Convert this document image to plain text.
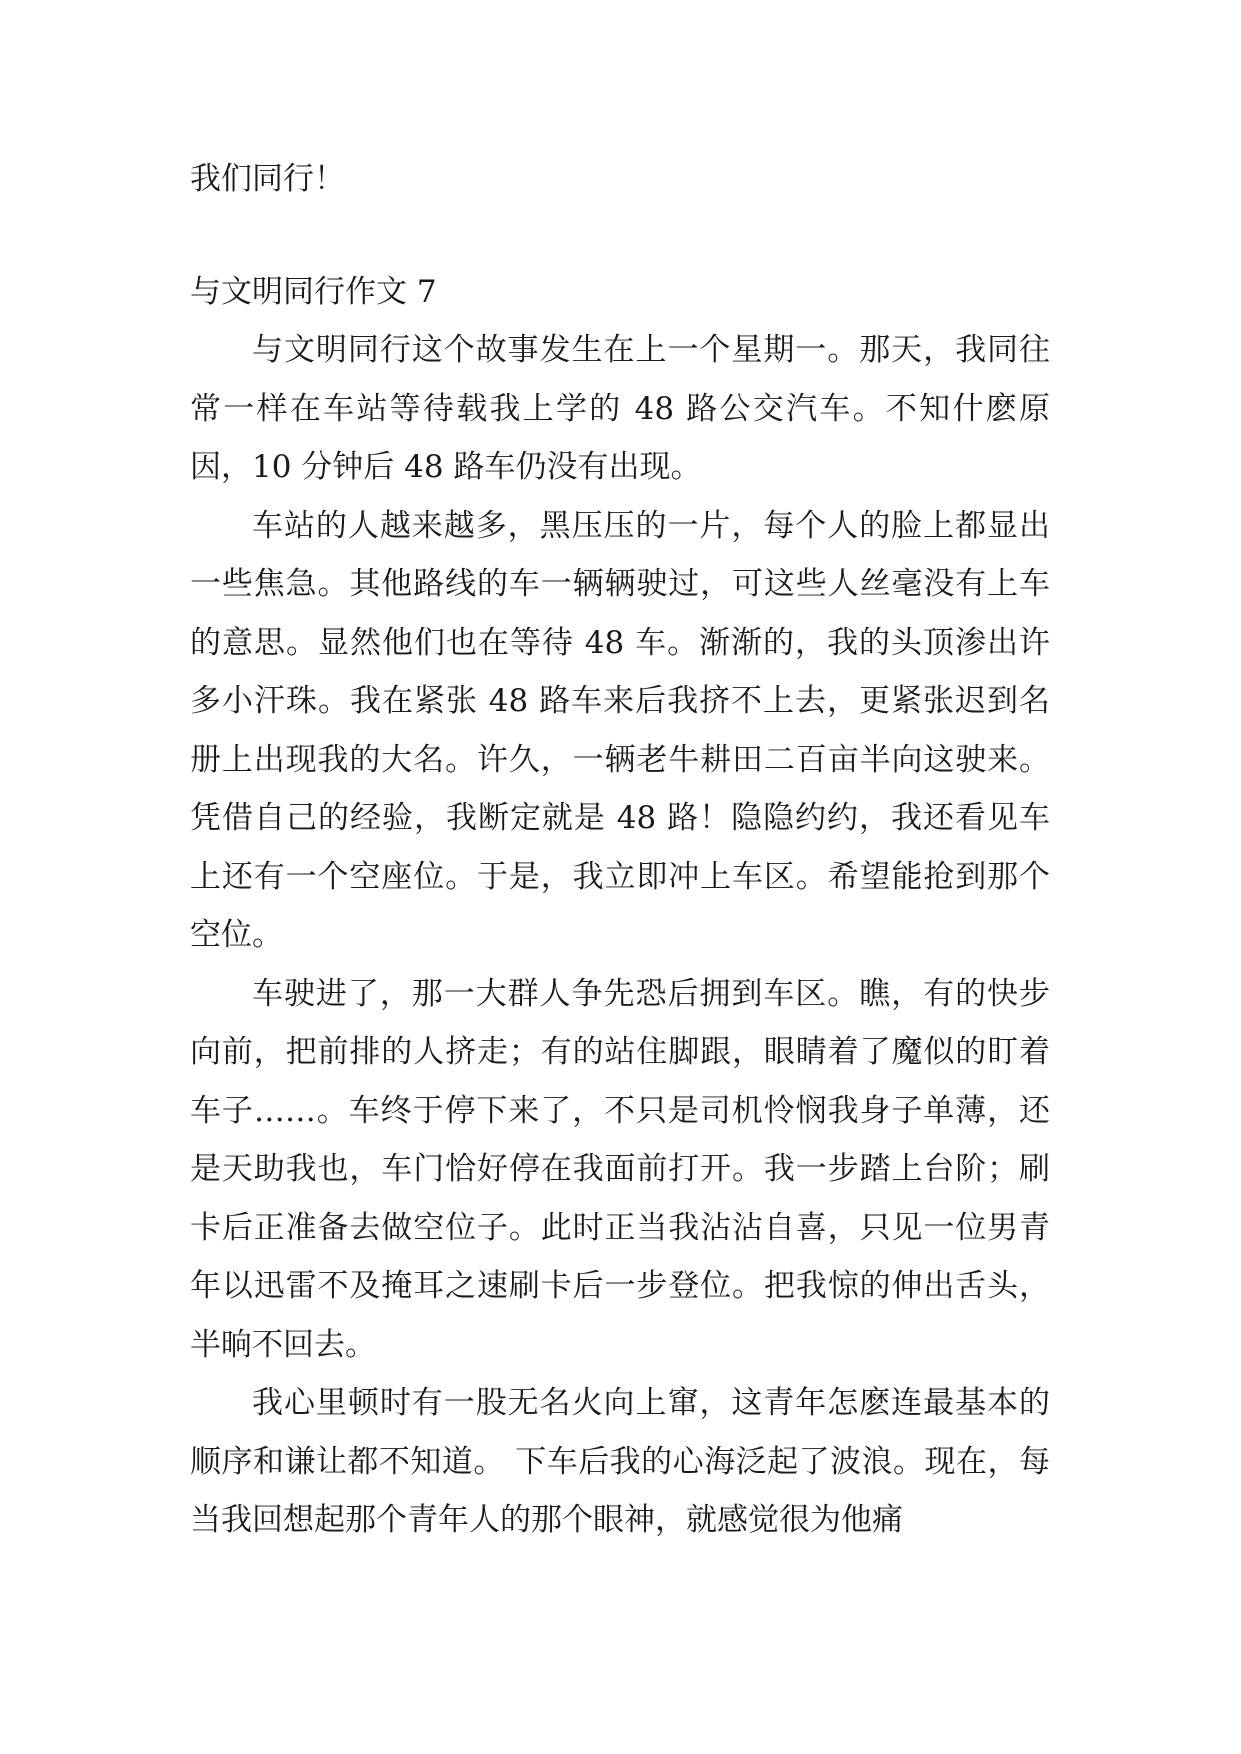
我们同行！

与文明同行作文 7

与文明同行这个故事发生在上一个星期一。那天，我同往常一样在车站等待载我上学的 48 路公交汽车。不知什麽原因，10 分钟后 48 路车仍没有出现。

车站的人越来越多，黑压压的一片，每个人的脸上都显出一些焦急。其他路线的车一辆辆驶过，可这些人丝毫没有上车的意思。显然他们也在等待 48 车。渐渐的，我的头顶渗出许多小汗珠。我在紧张 48 路车来后我挤不上去，更紧张迟到名册上出现我的大名。许久，一辆老牛耕田二百亩半向这驶来。凭借自己的经验，我断定就是 48 路！隐隐约约，我还看见车上还有一个空座位。于是，我立即冲上车区。希望能抢到那个空位。

车驶进了，那一大群人争先恐后拥到车区。瞧，有的快步向前，把前排的人挤走；有的站住脚跟，眼睛着了魔似的盯着车子……。车终于停下来了，不只是司机怜悯我身子单薄，还是天助我也，车门恰好停在我面前打开。我一步踏上台阶；刷卡后正准备去做空位子。此时正当我沾沾自喜，只见一位男青年以迅雷不及掩耳之速刷卡后一步登位。把我惊的伸出舌头，半晌不回去。

我心里顿时有一股无名火向上窜，这青年怎麽连最基本的顺序和谦让都不知道。 下车后我的心海泛起了波浪。现在，每当我回想起那个青年人的那个眼神，就感觉很为他痛
